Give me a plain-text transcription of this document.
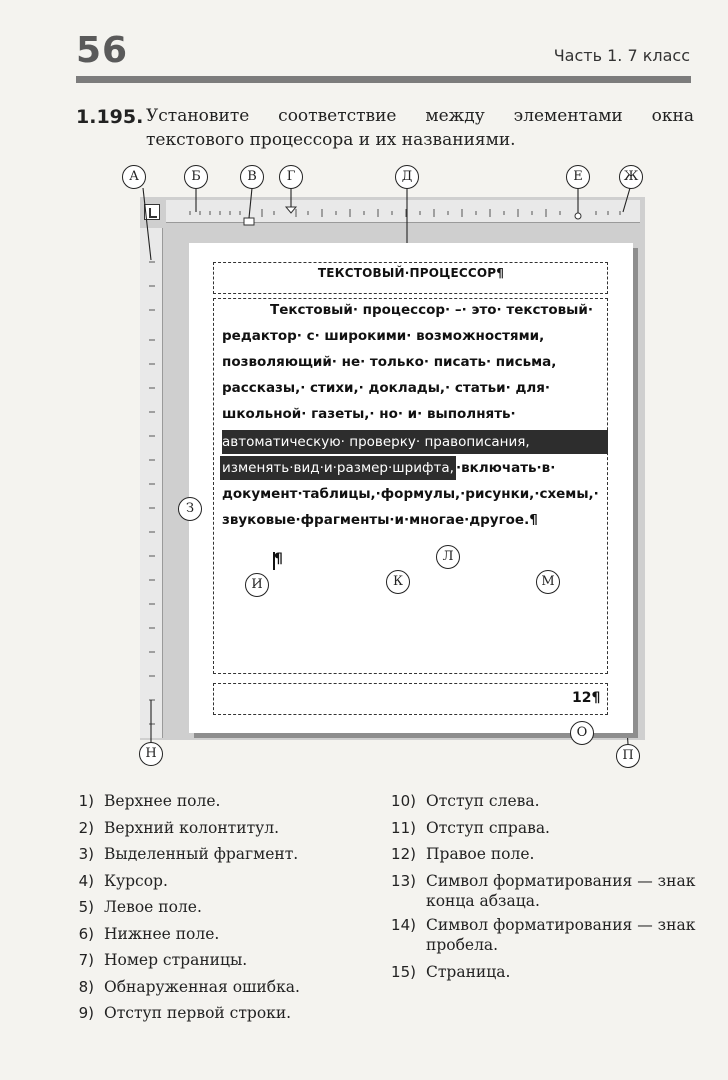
56	Часть 1. 7 класс
1.195. Установите соответствие между элементами окна текстового процессора и их названиями.
ТЕКСТОВЫЙ·ПРОЦЕССОР¶
Текстовый· процессор· –· это· текстовый·
редактор· с· широкими· возможностями,
позволяющий· не· только· писать· письма,
рассказы,· стихи,· доклады,· статьи· для·
школьной· газеты,· но· и· выполнять·
автоматическую· проверку· правописания,
изменять·вид·и·размер·шрифта, ·включать·в·
документ·таблицы,·формулы,·рисунки,·схемы,·
звуковые·фрагменты·и·многае·другое.¶
¶
12¶
А	Б	В	Г	Д	Е	Ж
З
И	К
Л
М
Н
О
П
1) Верхнее поле.
2) Верхний колонтитул.
3) Выделенный фрагмент.
4) Курсор.
5) Левое поле.
6) Нижнее поле.
7) Номер страницы.
8) Обнаруженная ошибка.
9) Отступ первой строки.
10) Отступ слева.
11) Отступ справа.
12) Правое поле.
13) Символ форматирования — знак конца абзаца.
14) Символ форматирования — знак пробела.
15) Страница.
